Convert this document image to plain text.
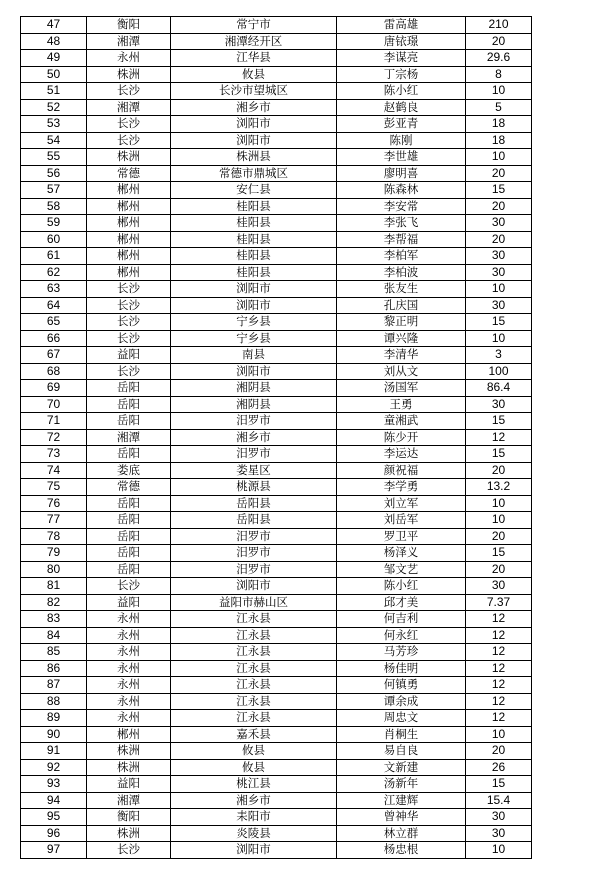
47	衡阳	常宁市	雷高雄	210
48	湘潭	湘潭经开区	唐铱璟	20
49	永州	江华县	李谋亮	29.6
50	株洲	攸县	丁宗杨	8
51	长沙	长沙市望城区	陈小红	10
52	湘潭	湘乡市	赵鹤良	5
53	长沙	浏阳市	彭亚青	18
54	长沙	浏阳市	陈刚	18
55	株洲	株洲县	李世雄	10
56	常德	常德市鼎城区	廖明喜	20
57	郴州	安仁县	陈森林	15
58	郴州	桂阳县	李安常	20
59	郴州	桂阳县	李张飞	30
60	郴州	桂阳县	李帮福	20
61	郴州	桂阳县	李柏军	30
62	郴州	桂阳县	李柏波	30
63	长沙	浏阳市	张友生	10
64	长沙	浏阳市	孔庆国	30
65	长沙	宁乡县	黎正明	15
66	长沙	宁乡县	谭兴隆	10
67	益阳	南县	李清华	3
68	长沙	浏阳市	刘从文	100
69	岳阳	湘阴县	汤国军	86.4
70	岳阳	湘阴县	王勇	30
71	岳阳	汨罗市	童湘武	15
72	湘潭	湘乡市	陈少开	12
73	岳阳	汨罗市	李运达	15
74	娄底	娄星区	颜祝福	20
75	常德	桃源县	李学勇	13.2
76	岳阳	岳阳县	刘立军	10
77	岳阳	岳阳县	刘岳军	10
78	岳阳	汨罗市	罗卫平	20
79	岳阳	汨罗市	杨泽义	15
80	岳阳	汨罗市	邹文艺	20
81	长沙	浏阳市	陈小红	30
82	益阳	益阳市赫山区	邱才美	7.37
83	永州	江永县	何吉利	12
84	永州	江永县	何永红	12
85	永州	江永县	马芳珍	12
86	永州	江永县	杨佳明	12
87	永州	江永县	何镇勇	12
88	永州	江永县	谭余成	12
89	永州	江永县	周忠文	12
90	郴州	嘉禾县	肖桐生	10
91	株洲	攸县	易自良	20
92	株洲	攸县	文新建	26
93	益阳	桃江县	汤新年	15
94	湘潭	湘乡市	江建辉	15.4
95	衡阳	耒阳市	曾神华	30
96	株洲	炎陵县	林立群	30
97	长沙	浏阳市	杨忠根	10
